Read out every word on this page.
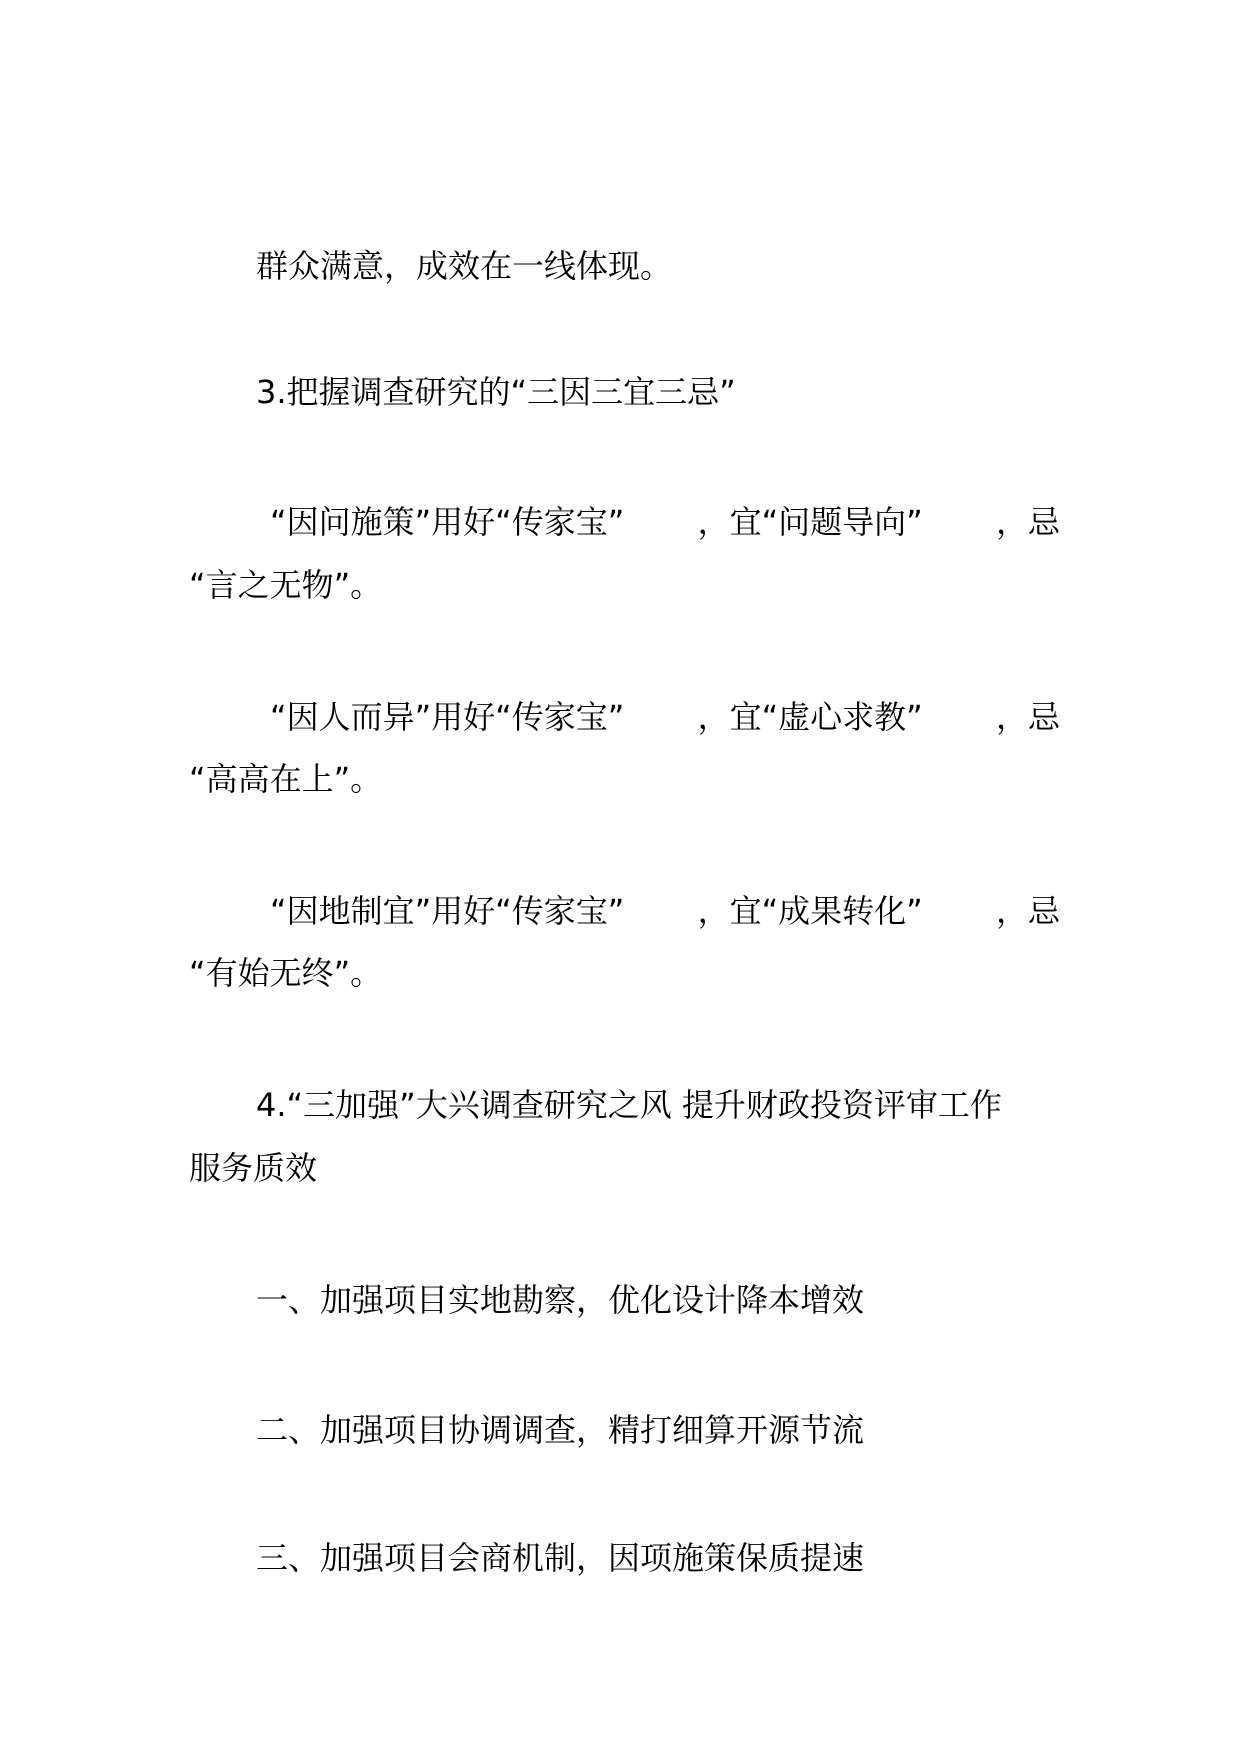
群众满意，成效在一线体现。
3.把握调查研究的“三因三宜三忌”
“因问施策”用好“传家宝” ，宜“问题导向” ，忌
“言之无物”。
“因人而异”用好“传家宝” ，宜“虚心求教” ，忌
“高高在上”。
“因地制宜”用好“传家宝” ，宜“成果转化” ，忌
“有始无终”。
4.“三加强”大兴调查研究之风 提升财政投资评审工作
服务质效
一、加强项目实地勘察，优化设计降本增效
二、加强项目协调调查，精打细算开源节流
三、加强项目会商机制，因项施策保质提速
